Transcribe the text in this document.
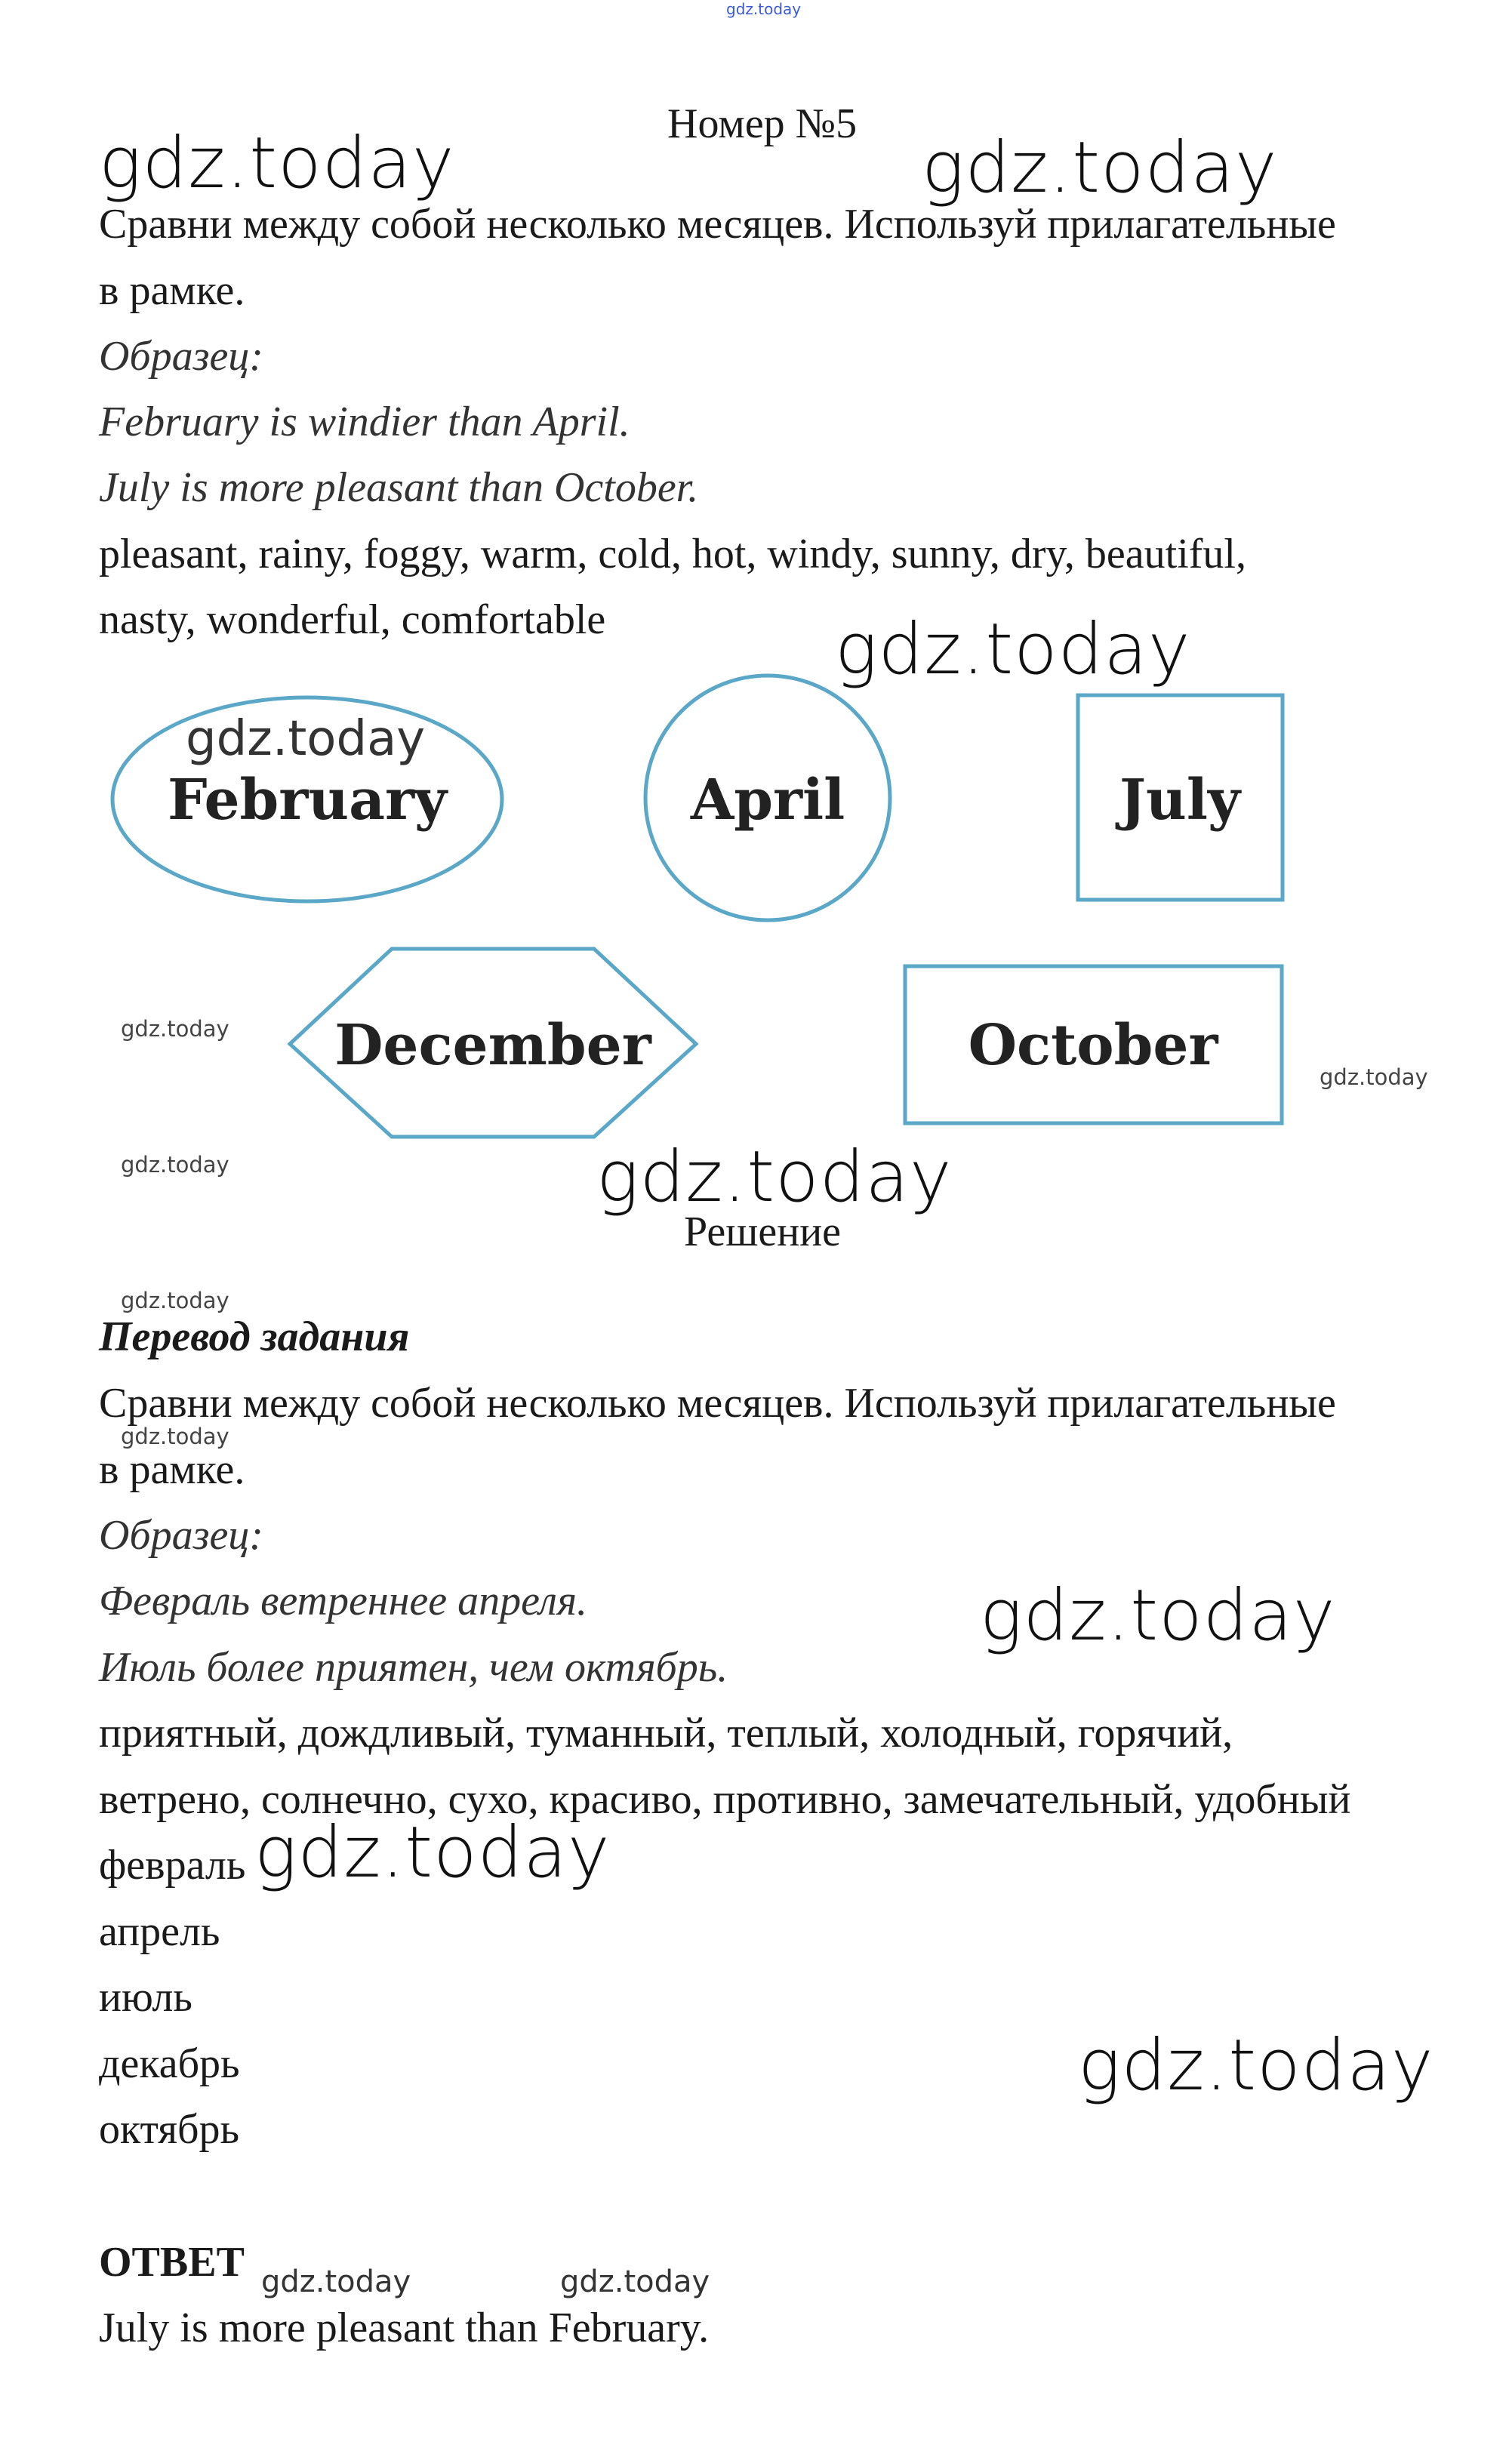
gdz.today
Номер №5
gdz.today	gdz.today
gdz.today
gdz.today
gdz.today
gdz.today
gdz.today
gdz.today
gdz.today
gdz.today
gdz.today
gdz.today
gdz.today
gdz.today	gdz.today
Сравни между собой несколько месяцев. Используй прилагательные
в рамке.
Образец:
February is windier than April.
July is more pleasant than October.
pleasant, rainy, foggy, warm, cold, hot, windy, sunny, dry, beautiful,
nasty, wonderful, comfortable
February	April	July
December	October
Решение
Перевод задания
Сравни между собой несколько месяцев. Используй прилагательные
в рамке.
Образец:
Февраль ветреннее апреля.
Июль более приятен, чем октябрь.
приятный, дождливый, туманный, теплый, холодный, горячий,
ветрено, солнечно, сухо, красиво, противно, замечательный, удобный
февраль
апрель
июль
декабрь
октябрь
ОТВЕТ
July is more pleasant than February.
